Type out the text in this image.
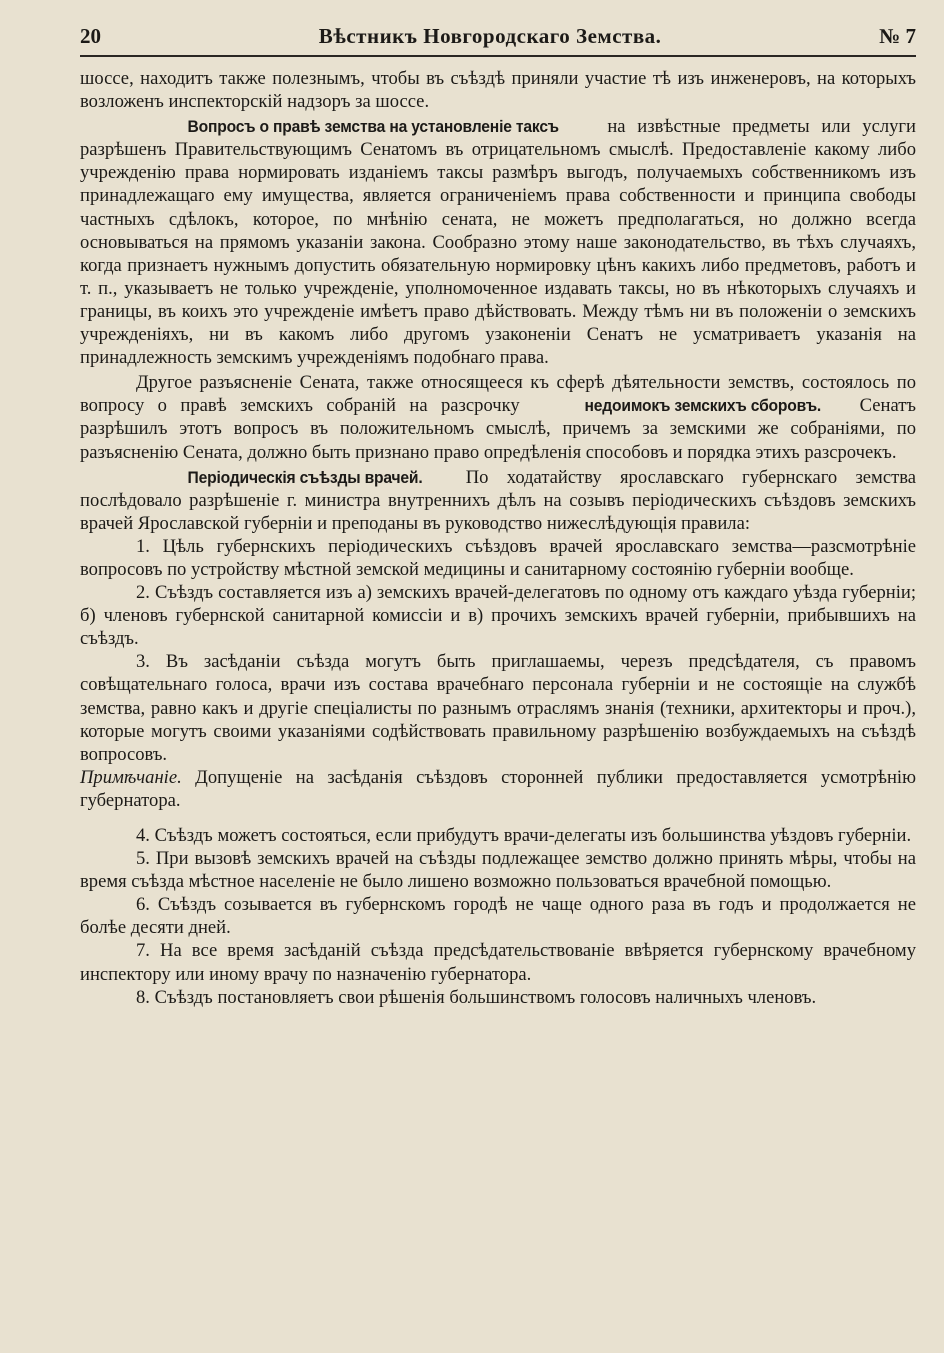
20	Вѣстникъ Новгородскаго Земства.	№ 7

шоссе, находитъ также полезнымъ, чтобы въ съѣздѣ приняли участие тѣ изъ инженеровъ, на которыхъ возложенъ инспекторскій надзоръ за шоссе.

Вопросъ о правѣ земства на установленіе таксъ на извѣстные предметы или услуги разрѣшенъ Правительствующимъ Сенатомъ въ отрицательномъ смыслѣ. Предоставленіе какому либо учрежденію права нормировать изданіемъ таксы размѣръ выгодъ, получаемыхъ собственникомъ изъ принадлежащаго ему имущества, является ограниченіемъ права собственности и принципа свободы частныхъ сдѣлокъ, которое, по мнѣнію сената, не можетъ предполагаться, но должно всегда основываться на прямомъ указаніи закона. Сообразно этому наше законодательство, въ тѣхъ случаяхъ, когда признаетъ нужнымъ допустить обязательную нормировку цѣнъ какихъ либо предметовъ, работъ и т. п., указываетъ не только учрежденіе, уполномоченное издавать таксы, но въ нѣкоторыхъ случаяхъ и границы, въ коихъ это учрежденіе имѣетъ право дѣйствовать. Между тѣмъ ни въ положеніи о земскихъ учрежденіяхъ, ни въ какомъ либо другомъ узаконеніи Сенатъ не усматриваетъ указанія на принадлежность земскимъ учрежденіямъ подобнаго права.

Другое разъясненіе Сената, также относящееся къ сферѣ дѣятельности земствъ, состоялось по вопросу о правѣ земскихъ собраній на разсрочку	недоимокъ земскихъ сборовъ. Сенатъ разрѣшилъ этотъ вопросъ въ положительномъ смыслѣ, причемъ за земскими же собраніями, по разъясненію Сената, должно быть признано право опредѣленія способовъ и порядка этихъ разсрочекъ.

Періодическія съѣзды врачей. По ходатайству ярославскаго губернскаго земства послѣдовало разрѣшеніе г. министра внутреннихъ дѣлъ на созывъ періодическихъ съѣздовъ земскихъ врачей Ярославской губерніи и преподаны въ руководство нижеслѣдующія правила:

1. Цѣль губернскихъ періодическихъ съѣздовъ врачей ярославскаго земства—разсмотрѣніе вопросовъ по устройству мѣстной земской медицины и санитарному состоянію губерніи вообще.

2. Съѣздъ составляется изъ а) земскихъ врачей-делегатовъ по одному отъ каждаго уѣзда губерніи; б) членовъ губернской санитарной комиссіи и в) прочихъ земскихъ врачей губерніи, прибывшихъ на съѣздъ.

3. Въ засѣданіи съѣзда могутъ быть приглашаемы, черезъ предсѣдателя, съ правомъ совѣщательнаго голоса, врачи изъ состава врачебнаго персонала губерніи и не состоящіе на службѣ земства, равно какъ и другіе спеціалисты по разнымъ отраслямъ знанія (техники, архитекторы и проч.), которые могутъ своими указаніями содѣйствовать правильному разрѣшенію возбуждаемыхъ на съѣздѣ вопросовъ.

Примѣчаніе. Допущеніе на засѣданія съѣздовъ сторонней публики предоставляется усмотрѣнію губернатора.

4. Съѣздъ можетъ состояться, если прибудутъ врачи-делегаты изъ большинства уѣздовъ губерніи.

5. При вызовѣ земскихъ врачей на съѣзды подлежащее земство должно принять мѣры, чтобы на время съѣзда мѣстное населеніе не было лишено возможно пользоваться врачебной помощью.

6. Съѣздъ созывается въ губернскомъ городѣ не чаще одного раза въ годъ и продолжается не болѣе десяти дней.

7. На все время засѣданій съѣзда предсѣдательствованіе ввѣряется губернскому врачебному инспектору или иному врачу по назначенію губернатора.

8. Съѣздъ постановляетъ свои рѣшенія большинствомъ голосовъ наличныхъ членовъ.
